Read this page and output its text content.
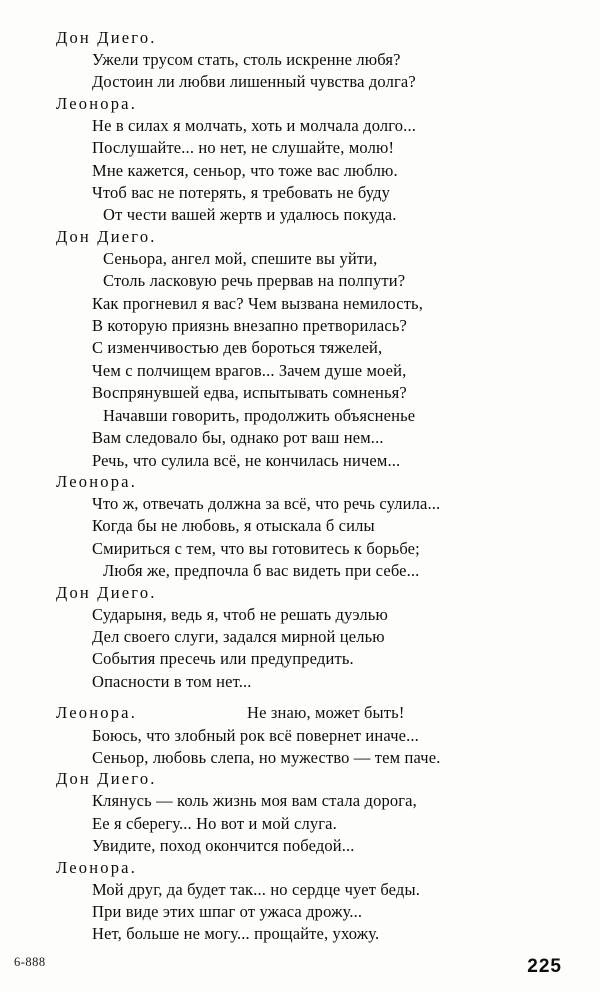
Дон Диего.
Ужели трусом стать, столь искренне любя?
Достоин ли любви лишенный чувства долга?
Леонора.
Не в силах я молчать, хоть и молчала долго...
Послушайте... но нет, не слушайте, молю!
Мне кажется, сеньор, что тоже вас люблю.
Чтоб вас не потерять, я требовать не буду
От чести вашей жертв и удалюсь покуда.
Дон Диего.
Сеньора, ангел мой, спешите вы уйти,
Столь ласковую речь прервав на полпути?
Как прогневил я вас? Чем вызвана немилость,
В которую приязнь внезапно претворилась?
С изменчивостью дев бороться тяжелей,
Чем с полчищем врагов... Зачем душе моей,
Воспрянувшей едва, испытывать сомненья?
Начавши говорить, продолжить объясненье
Вам следовало бы, однако рот ваш нем...
Речь, что сулила всё, не кончилась ничем...
Леонора.
Что ж, отвечать должна за всё, что речь сулила...
Когда бы не любовь, я отыскала б силы
Смириться с тем, что вы готовитесь к борьбе;
Любя же, предпочла б вас видеть при себе...
Дон Диего.
Сударыня, ведь я, чтоб не решать дуэлью
Дел своего слуги, задался мирной целью
События пресечь или предупредить.
Опасности в том нет...
Леонора.	Не знаю, может быть!
Боюсь, что злобный рок всё повернет иначе...
Сеньор, любовь слепа, но мужество — тем паче.
Дон Диего.
Клянусь — коль жизнь моя вам стала дорога,
Ее я сберегу... Но вот и мой слуга.
Увидите, поход окончится победой...
Леонора.
Мой друг, да будет так... но сердце чует беды.
При виде этих шпаг от ужаса дрожу...
Нет, больше не могу... прощайте, ухожу.
6-888	225
